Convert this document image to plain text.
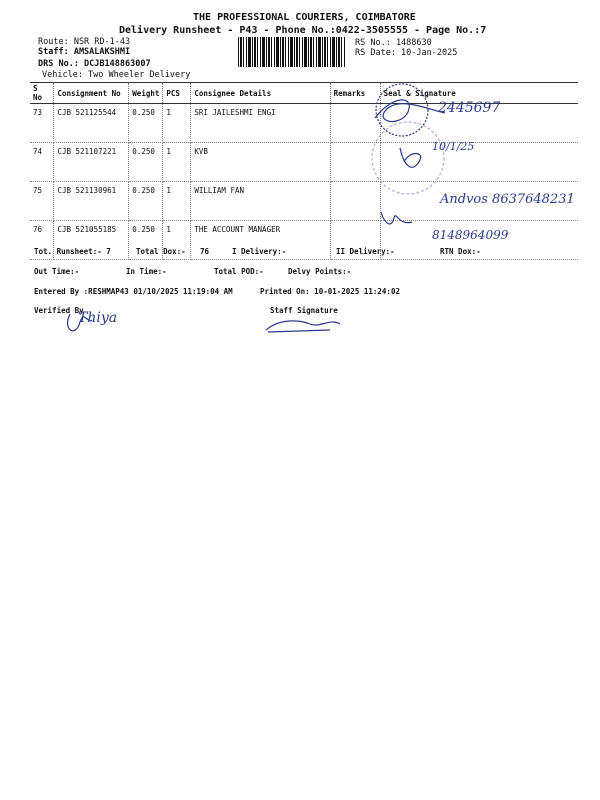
THE PROFESSIONAL COURIERS, COIMBATORE
Delivery Runsheet - P43 - Phone No.:0422-3505555 - Page No.:7
Route: NSR RD-1-43
Staff: AMSALAKSHMI
DRS No.: DCJB148863007
Vehicle: Two Wheeler Delivery
RS No.: 1488630
RS Date: 10-Jan-2025
S No	Consignment No	Weight	PCS	Consignee Details	Remarks	Seal & Signature
73	CJB 521125544	0.250	1	SRI JAILESHMI ENGI		
74	CJB 521107221	0.250	1	KVB		
75	CJB 521130961	0.250	1	WILLIAM FAN		
76	CJB 521055185	0.250	1	THE ACCOUNT MANAGER		
2445697
10/1/25
Andvos 8637648231
8148964099
Tot. Runsheet:- 7	Total Dox:- 76	I Delivery:-	II Delivery:-	RTN Dox:-
Out Time:-	In Time:-	Total POD:-	Delvy Points:-
Entered By :RESHMAP43 01/10/2025 11:19:04 AM	Printed On: 10-01-2025 11:24:02
Verified By
Thiya	Staff Signature
